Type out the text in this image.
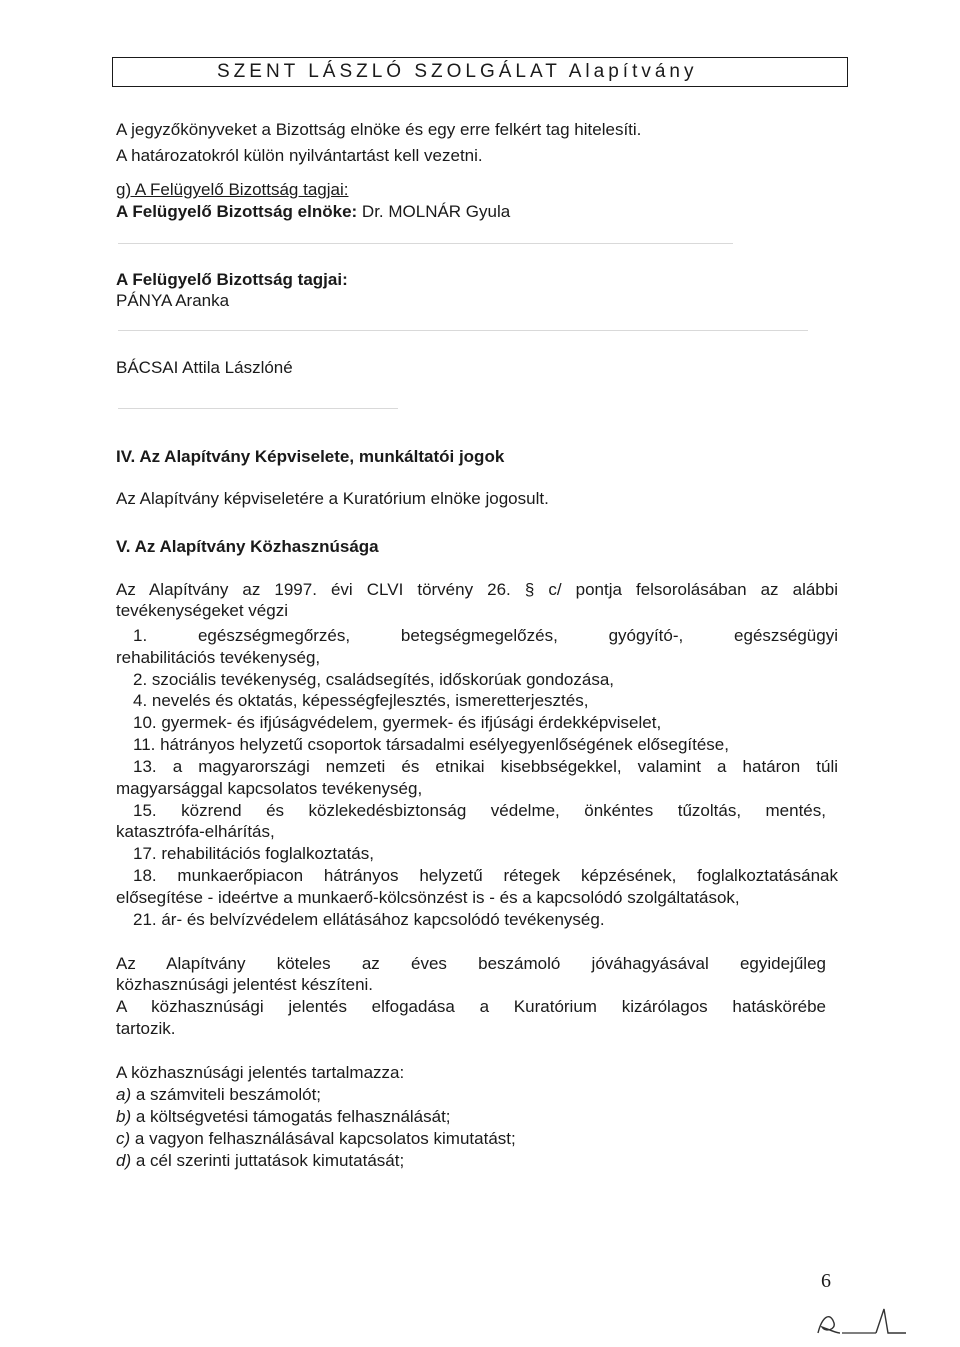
SZENT LÁSZLÓ SZOLGÁLAT Alapítvány
A jegyzőkönyveket a Bizottság elnöke és egy erre felkért tag hitelesíti.
A határozatokról külön nyilvántartást kell vezetni.
g) A Felügyelő Bizottság tagjai:
A Felügyelő Bizottság elnöke: Dr. MOLNÁR Gyula
A Felügyelő Bizottság tagjai:
PÁNYA Aranka
BÁCSAI Attila Lászlóné
IV. Az Alapítvány Képviselete, munkáltatói jogok
Az Alapítvány képviseletére a Kuratórium elnöke jogosult.
V. Az Alapítvány Közhasznúsága
Az Alapítvány az 1997. évi CLVI törvény 26. § c/ pontja felsorolásában az alábbi
tevékenységeket végzi
1. egészségmegőrzés, betegségmegelőzés, gyógyító-, egészségügyi
rehabilitációs tevékenység,
2. szociális tevékenység, családsegítés, időskorúak gondozása,
4. nevelés és oktatás, képességfejlesztés, ismeretterjesztés,
10. gyermek- és ifjúságvédelem, gyermek- és ifjúsági érdekképviselet,
11. hátrányos helyzetű csoportok társadalmi esélyegyenlőségének elősegítése,
13. a magyarországi nemzeti és etnikai kisebbségekkel, valamint a határon túli
magyarsággal kapcsolatos tevékenység,
15. közrend és közlekedésbiztonság védelme, önkéntes tűzoltás, mentés,
katasztrófa-elhárítás,
17. rehabilitációs foglalkoztatás,
18. munkaerőpiacon hátrányos helyzetű rétegek képzésének, foglalkoztatásának
elősegítése - ideértve a munkaerő-kölcsönzést is - és a kapcsolódó szolgáltatások,
21. ár- és belvízvédelem ellátásához kapcsolódó tevékenység.
Az Alapítvány köteles az éves beszámoló jóváhagyásával egyidejűleg
közhasznúsági jelentést készíteni.
A közhasznúsági jelentés elfogadása a Kuratórium kizárólagos hatáskörébe
tartozik.
A közhasznúsági jelentés tartalmazza:
a) a számviteli beszámolót;
b) a költségvetési támogatás felhasználását;
c) a vagyon felhasználásával kapcsolatos kimutatást;
d) a cél szerinti juttatások kimutatását;
6
